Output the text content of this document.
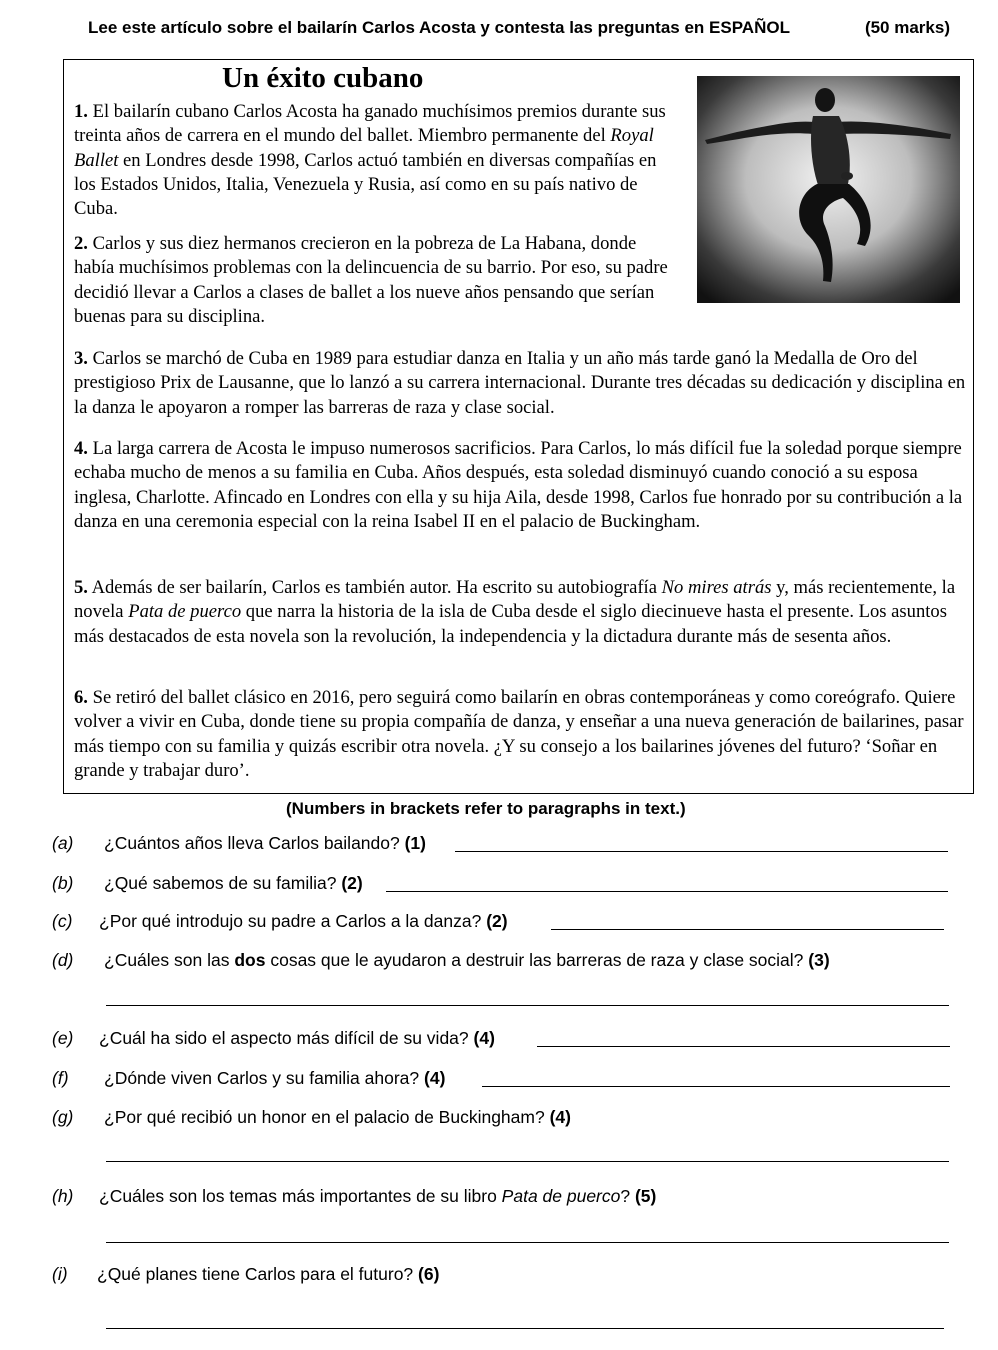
Lee este artículo sobre el bailarín Carlos Acosta y contesta las preguntas en ESPAÑOL	(50 marks)
Un éxito cubano

1. El bailarín cubano Carlos Acosta ha ganado muchísimos premios durante sus treinta años de carrera en el mundo del ballet. Miembro permanente del Royal Ballet en Londres desde 1998, Carlos actuó también en diversas compañías en los Estados Unidos, Italia, Venezuela y Rusia, así como en su país nativo de Cuba.

2. Carlos y sus diez hermanos crecieron en la pobreza de La Habana, donde había muchísimos problemas con la delincuencia de su barrio. Por eso, su padre decidió llevar a Carlos a clases de ballet a los nueve años pensando que serían buenas para su disciplina.

3. Carlos se marchó de Cuba en 1989 para estudiar danza en Italia y un año más tarde ganó la Medalla de Oro del prestigioso Prix de Lausanne, que lo lanzó a su carrera internacional. Durante tres décadas su dedicación y disciplina en la danza le apoyaron a romper las barreras de raza y clase social.

4. La larga carrera de Acosta le impuso numerosos sacrificios. Para Carlos, lo más difícil fue la soledad porque siempre echaba mucho de menos a su familia en Cuba. Años después, esta soledad disminuyó cuando conoció a su esposa inglesa, Charlotte. Afincado en Londres con ella y su hija Aila, desde 1998, Carlos fue honrado por su contribución a la danza en una ceremonia especial con la reina Isabel II en el palacio de Buckingham.

5. Además de ser bailarín, Carlos es también autor. Ha escrito su autobiografía No mires atrás y, más recientemente, la novela Pata de puerco que narra la historia de la isla de Cuba desde el siglo diecinueve hasta el presente. Los asuntos más destacados de esta novela son la revolución, la independencia y la dictadura durante más de sesenta años.

6. Se retiró del ballet clásico en 2016, pero seguirá como bailarín en obras contemporáneas y como coreógrafo. Quiere volver a vivir en Cuba, donde tiene su propia compañía de danza, y enseñar a una nueva generación de bailarines, pasar más tiempo con su familia y quizás escribir otra novela. ¿Y su consejo a los bailarines jóvenes del futuro? ‘Soñar en grande y trabajar duro’.

(Numbers in brackets refer to paragraphs in text.)
(a) ¿Cuántos años lleva Carlos bailando? (1)
(b) ¿Qué sabemos de su familia? (2)
(c) ¿Por qué introdujo su padre a Carlos a la danza? (2)
(d) ¿Cuáles son las dos cosas que le ayudaron a destruir las barreras de raza y clase social? (3)
(e) ¿Cuál ha sido el aspecto más difícil de su vida? (4)
(f) ¿Dónde viven Carlos y su familia ahora? (4)
(g) ¿Por qué recibió un honor en el palacio de Buckingham? (4)
(h) ¿Cuáles son los temas más importantes de su libro Pata de puerco? (5)
(i) ¿Qué planes tiene Carlos para el futuro? (6)
